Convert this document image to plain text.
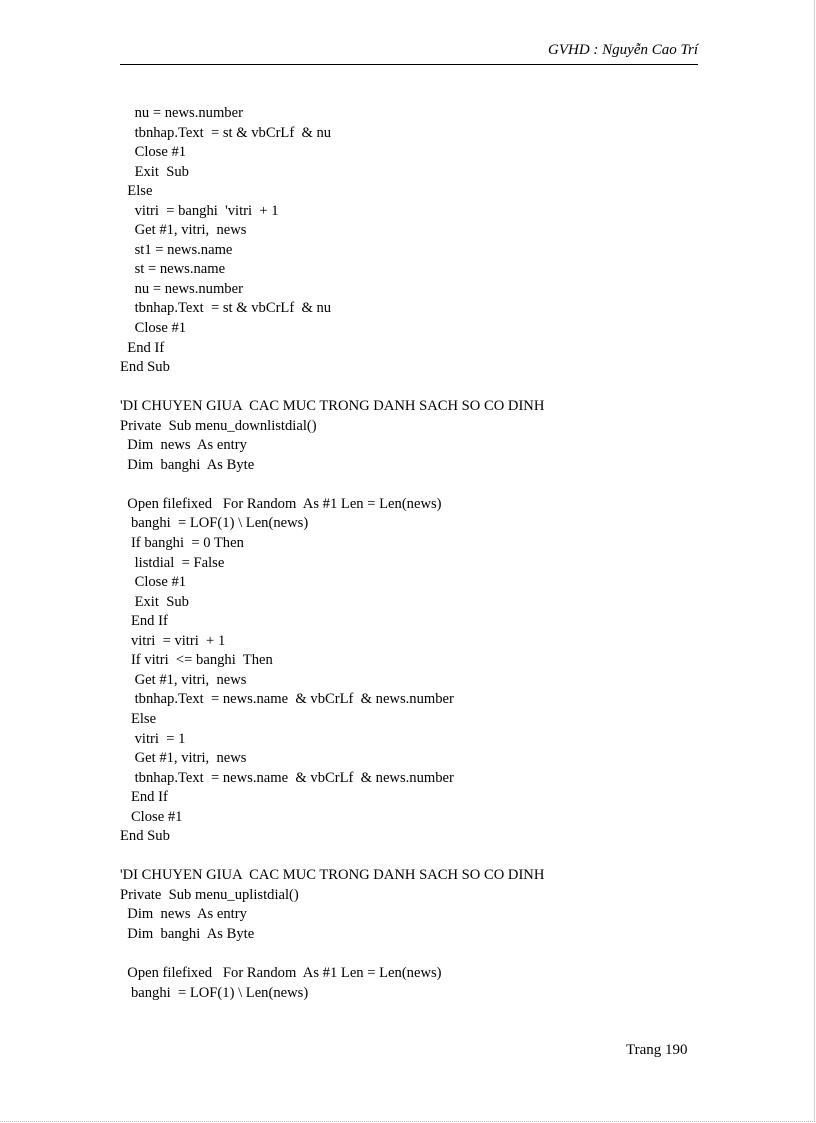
GVHD : Nguyễn Cao Trí
nu = news.number
tbnhap.Text  = st & vbCrLf  & nu
Close #1
Exit  Sub
Else
vitri  = banghi  'vitri  + 1
Get #1, vitri,  news
st1 = news.name
st = news.name
nu = news.number
tbnhap.Text  = st & vbCrLf  & nu
Close #1
End If
End Sub
'DI CHUYEN GIUA  CAC MUC TRONG DANH SACH SO CO DINH
Private  Sub menu_downlistdial()
Dim  news  As entry
Dim  banghi  As Byte
Open filefixed   For Random  As #1 Len = Len(news)
banghi  = LOF(1) \ Len(news)
If banghi  = 0 Then
listdial  = False
Close #1
Exit  Sub
End If
vitri  = vitri  + 1
If vitri  <= banghi  Then
Get #1, vitri,  news
tbnhap.Text  = news.name  & vbCrLf  & news.number
Else
vitri  = 1
Get #1, vitri,  news
tbnhap.Text  = news.name  & vbCrLf  & news.number
End If
Close #1
End Sub
'DI CHUYEN GIUA  CAC MUC TRONG DANH SACH SO CO DINH
Private  Sub menu_uplistdial()
Dim  news  As entry
Dim  banghi  As Byte
Open filefixed   For Random  As #1 Len = Len(news)
banghi  = LOF(1) \ Len(news)
Trang 190
